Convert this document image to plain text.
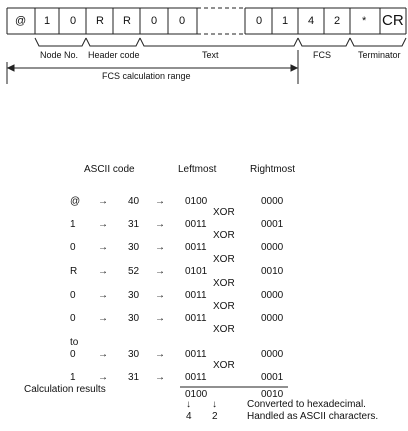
@ 1 0 R R 0 0	0 1 4 2 * CR
Node No. Header code	Text	FCS	Terminator
FCS calculation range
ASCII code	Leftmost	Rightmost
@ → 40 → 0100	0000
XOR
1 → 31 → 0011	0001
XOR
0 → 30 → 0011	0000
XOR
R → 52 → 0101	0010
XOR
0 → 30 → 0011	0000
XOR
0 → 30 → 0011	0000
XOR
to
0 → 30 → 0011	0000
XOR
1 → 31 → 0011	0001
Calculation results	0100	0010
↓ ↓
4 2
Converted to hexadecimal.
Handled as ASCII characters.
